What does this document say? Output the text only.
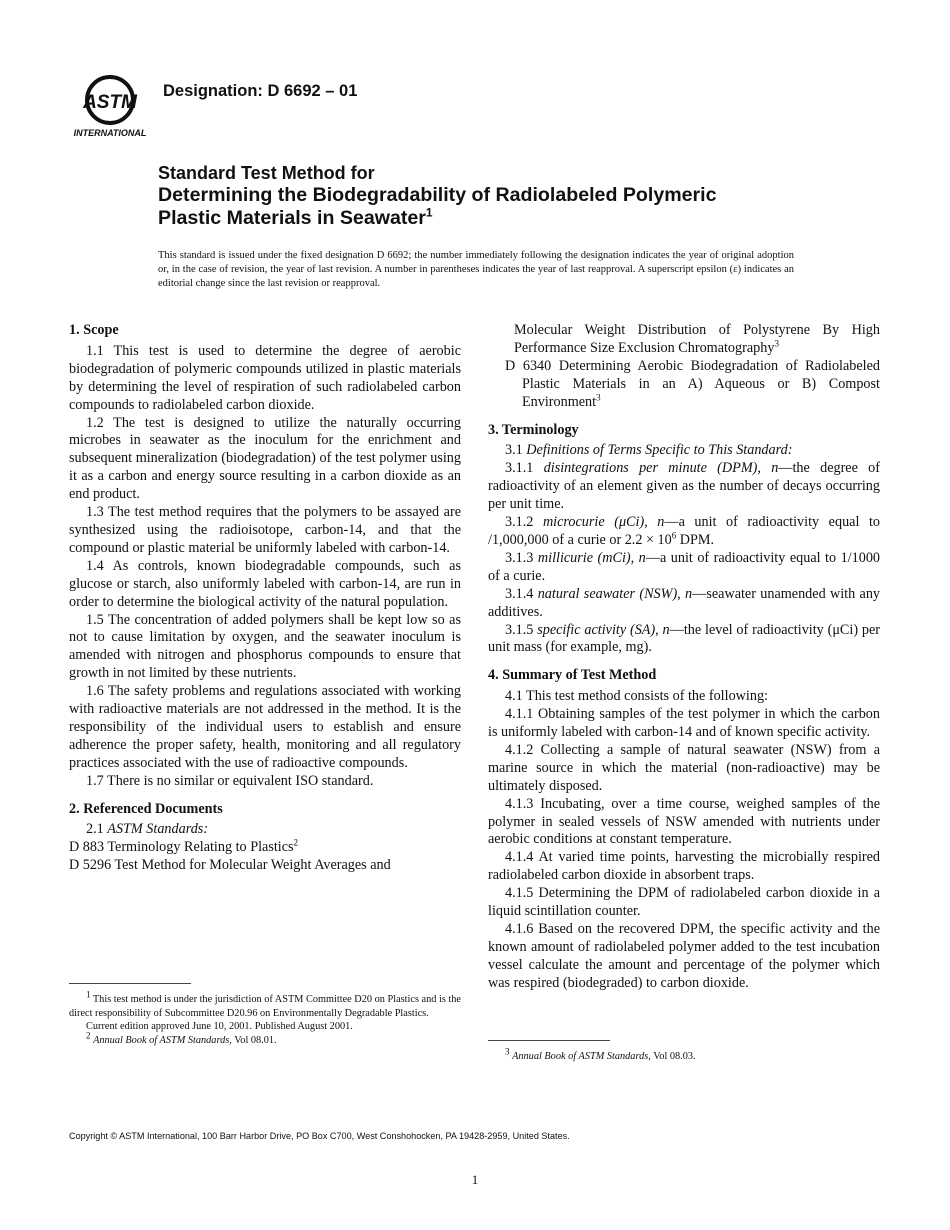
ASTM
INTERNATIONAL
Designation: D 6692 – 01
Standard Test Method for
Determining the Biodegradability of Radiolabeled Polymeric
Plastic Materials in Seawater$^1$
This standard is issued under the fixed designation D 6692; the number immediately following the designation indicates the year of original adoption or, in the case of revision, the year of last revision. A number in parentheses indicates the year of last reapproval. A superscript epsilon (ε) indicates an editorial change since the last revision or reapproval.
1. Scope

1.1 This test is used to determine the degree of aerobic biodegradation of polymeric compounds utilized in plastic materials by determining the level of respiration of such radiolabeled carbon compounds to radiolabeled carbon dioxide.

1.2 The test is designed to utilize the naturally occurring microbes in seawater as the inoculum for the enrichment and subsequent mineralization (biodegradation) of the test polymer using it as a carbon and energy source resulting in a carbon dioxide as an end product.

1.3 The test method requires that the polymers to be assayed are synthesized using the radioisotope, carbon-14, and that the compound or plastic material be uniformly labeled with carbon-14.

1.4 As controls, known biodegradable compounds, such as glucose or starch, also uniformly labeled with carbon-14, are run in order to determine the biological activity of the natural population.

1.5 The concentration of added polymers shall be kept low so as not to cause limitation by oxygen, and the seawater inoculum is amended with nitrogen and phosphorus compounds to ensure that growth in not limited by these nutrients.

1.6 The safety problems and regulations associated with working with radioactive materials are not addressed in the method. It is the responsibility of the individual users to establish and ensure adherence the proper safety, health, monitoring and all regulatory practices associated with the use of radioactive compounds.

1.7 There is no similar or equivalent ISO standard.

2. Referenced Documents

2.1 ASTM Standards:

D 883 Terminology Relating to Plastics$^2$

D 5296 Test Method for Molecular Weight Averages and

$^1$ This test method is under the jurisdiction of ASTM Committee D20 on Plastics and is the direct responsibility of Subcommittee D20.96 on Environmentally Degradable Plastics.

Current edition approved June 10, 2001. Published August 2001.

$^2$ Annual Book of ASTM Standards, Vol 08.01.

Molecular Weight Distribution of Polystyrene By High Performance Size Exclusion Chromatography$^3$

D 6340 Determining Aerobic Biodegradation of Radiolabeled Plastic Materials in an A) Aqueous or B) Compost Environment$^3$

3. Terminology

3.1 Definitions of Terms Specific to This Standard:

3.1.1 disintegrations per minute (DPM), n—the degree of radioactivity of an element given as the number of decays occurring per unit time.

3.1.2 microcurie (μCi), n—a unit of radioactivity equal to /1,000,000 of a curie or $2.2 \times 10^6$ DPM.

3.1.3 millicurie (mCi), n—a unit of radioactivity equal to 1/1000 of a curie.

3.1.4 natural seawater (NSW), n—seawater unamended with any additives.

3.1.5 specific activity (SA), n—the level of radioactivity (μCi) per unit mass (for example, mg).

4. Summary of Test Method

4.1 This test method consists of the following:

4.1.1 Obtaining samples of the test polymer in which the carbon is uniformly labeled with carbon-14 and of known specific activity.

4.1.2 Collecting a sample of natural seawater (NSW) from a marine source in which the material (non-radioactive) may be ultimately disposed.

4.1.3 Incubating, over a time course, weighed samples of the polymer in sealed vessels of NSW amended with nutrients under aerobic conditions at constant temperature.

4.1.4 At varied time points, harvesting the microbially respired radiolabeled carbon dioxide in absorbent traps.

4.1.5 Determining the DPM of radiolabeled carbon dioxide in a liquid scintillation counter.

4.1.6 Based on the recovered DPM, the specific activity and the known amount of radiolabeled polymer added to the test incubation vessel calculate the amount and percentage of the polymer which was respired (biodegraded) to carbon dioxide.

$^3$ Annual Book of ASTM Standards, Vol 08.03.

Copyright © ASTM International, 100 Barr Harbor Drive, PO Box C700, West Conshohocken, PA 19428-2959, United States.
1
